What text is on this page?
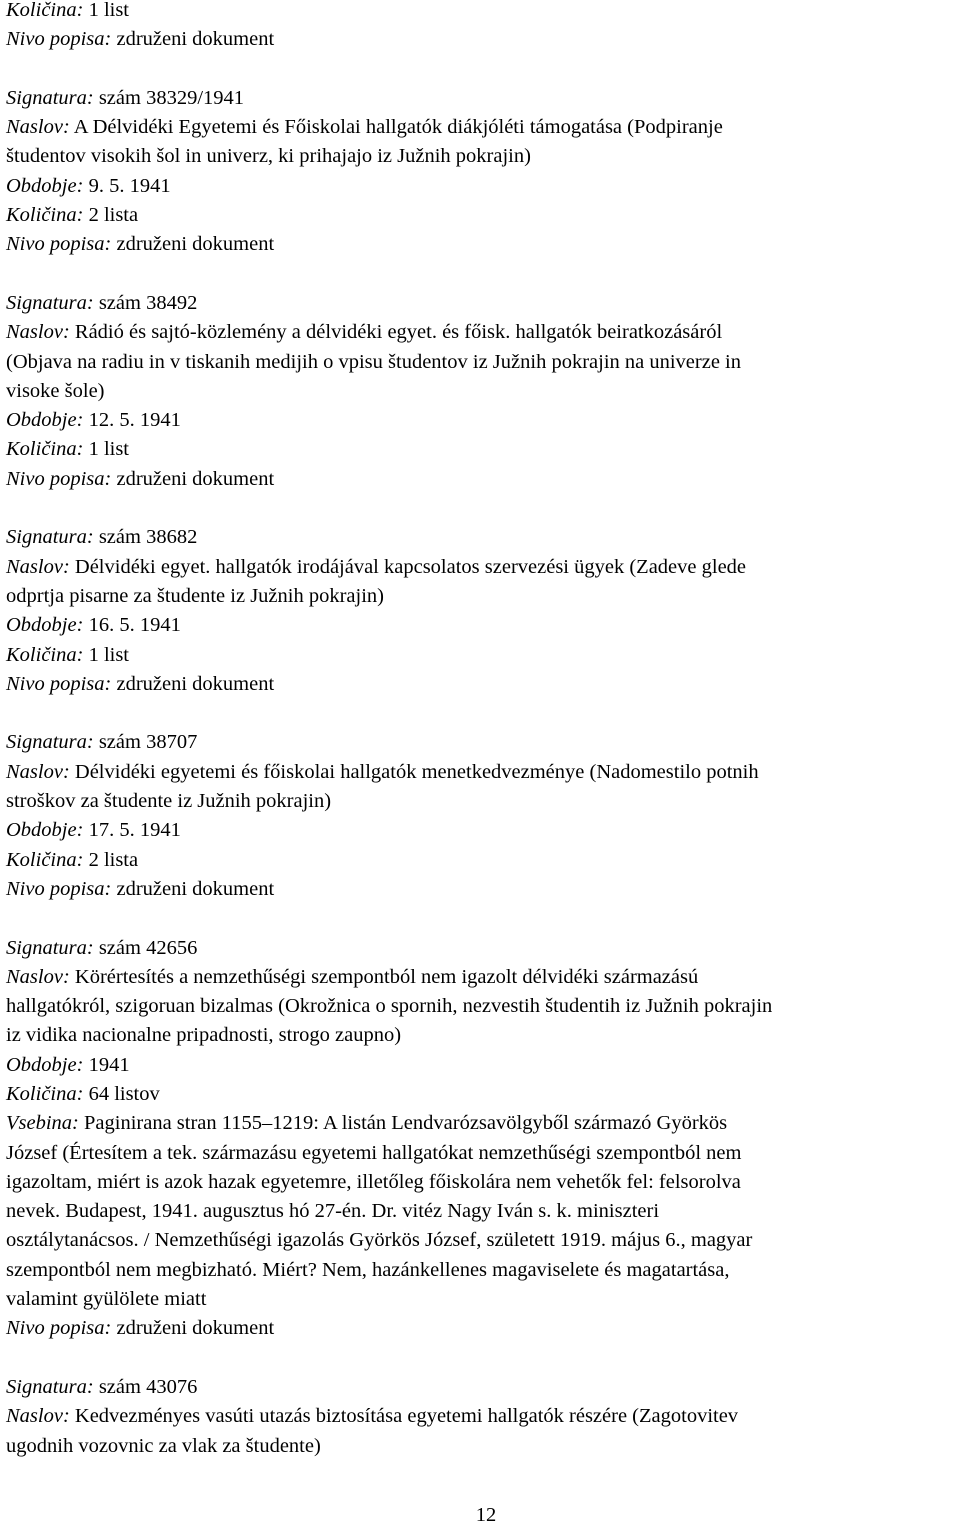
Količina: 1 list
Nivo popisa: združeni dokument
Signatura: szám 38329/1941
Naslov: A Délvidéki Egyetemi és Főiskolai hallgatók diákjóléti támogatása (Podpiranje
študentov visokih šol in univerz, ki prihajajo iz Južnih pokrajin)
Obdobje: 9. 5. 1941
Količina: 2 lista
Nivo popisa: združeni dokument
Signatura: szám 38492
Naslov: Rádió és sajtó-közlemény a délvidéki egyet. és főisk. hallgatók beiratkozásáról
(Objava na radiu in v tiskanih medijih o vpisu študentov iz Južnih pokrajin na univerze in
visoke šole)
Obdobje: 12. 5. 1941
Količina: 1 list
Nivo popisa: združeni dokument
Signatura: szám 38682
Naslov: Délvidéki egyet. hallgatók irodájával kapcsolatos szervezési ügyek (Zadeve glede
odprtja pisarne za študente iz Južnih pokrajin)
Obdobje: 16. 5. 1941
Količina: 1 list
Nivo popisa: združeni dokument
Signatura: szám 38707
Naslov: Délvidéki egyetemi és főiskolai hallgatók menetkedvezménye (Nadomestilo potnih
stroškov za študente iz Južnih pokrajin)
Obdobje: 17. 5. 1941
Količina: 2 lista
Nivo popisa: združeni dokument
Signatura: szám 42656
Naslov: Körértesítés a nemzethűségi szempontból nem igazolt délvidéki származású
hallgatókról, szigoruan bizalmas (Okrožnica o spornih, nezvestih študentih iz Južnih pokrajin
iz vidika nacionalne pripadnosti, strogo zaupno)
Obdobje: 1941
Količina: 64 listov
Vsebina: Paginirana stran 1155–1219: A listán Lendvarózsavölgyből származó Györkös
József (Értesítem a tek. származásu egyetemi hallgatókat nemzethűségi szempontból nem
igazoltam, miért is azok hazak egyetemre, illetőleg főiskolára nem vehetők fel: felsorolva
nevek. Budapest, 1941. augusztus hó 27-én. Dr. vitéz Nagy Iván s. k. miniszteri
osztálytanácsos. / Nemzethűségi igazolás Györkös József, született 1919. május 6., magyar
szempontból nem megbizható. Miért? Nem, hazánkellenes magaviselete és magatartása,
valamint gyülölete miatt
Nivo popisa: združeni dokument
Signatura: szám 43076
Naslov: Kedvezményes vasúti utazás biztosítása egyetemi hallgatók részére (Zagotovitev
ugodnih vozovnic za vlak za študente)
12
